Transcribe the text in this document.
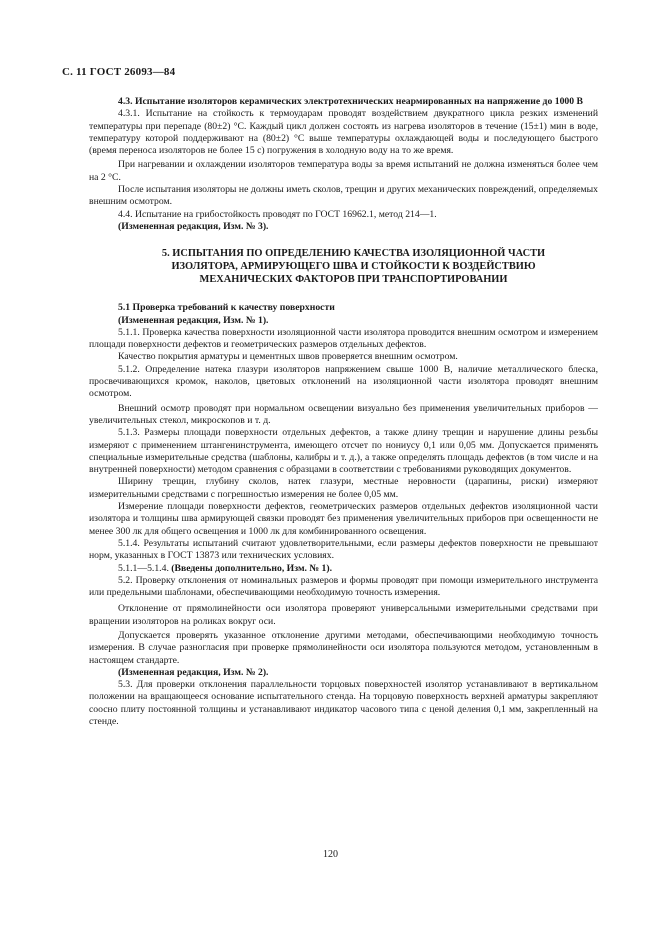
С. 11 ГОСТ 26093—84

4.3. Испытание изоляторов керамических электротехнических неармированных на напряжение до 1000 В

4.3.1. Испытание на стойкость к термоударам проводят воздействием двукратного цикла резких изменений температуры при перепаде (80±2) °С. Каждый цикл должен состоять из нагрева изоляторов в течение (15±1) мин в воде, температуру которой поддерживают на (80±2) °С выше температуры охлаждающей воды и последующего быстрого (время переноса изоляторов не более 15 с) погружения в холодную воду на то же время.

При нагревании и охлаждении изоляторов температура воды за время испытаний не должна изменяться более чем на 2 °С.

После испытания изоляторы не должны иметь сколов, трещин и других механических повреждений, определяемых внешним осмотром.

4.4. Испытание на грибостойкость проводят по ГОСТ 16962.1, метод 214—1.

(Измененная редакция, Изм. № 3).

5. ИСПЫТАНИЯ ПО ОПРЕДЕЛЕНИЮ КАЧЕСТВА ИЗОЛЯЦИОННОЙ ЧАСТИ
ИЗОЛЯТОРА, АРМИРУЮЩЕГО ШВА И СТОЙКОСТИ К ВОЗДЕЙСТВИЮ
МЕХАНИЧЕСКИХ ФАКТОРОВ ПРИ ТРАНСПОРТИРОВАНИИ

5.1 Проверка требований к качеству поверхности

(Измененная редакция, Изм. № 1).

5.1.1. Проверка качества поверхности изоляционной части изолятора проводится внешним осмотром и измерением площади поверхности дефектов и геометрических размеров отдельных дефектов.

Качество покрытия арматуры и цементных швов проверяется внешним осмотром.

5.1.2. Определение натека глазури изоляторов напряжением свыше 1000 В, наличие металлического блеска, просвечивающихся кромок, наколов, цветовых отклонений на изоляционной части изолятора проводят внешним осмотром.

Внешний осмотр проводят при нормальном освещении визуально без применения увеличительных приборов — увеличительных стекол, микроскопов и т. д.

5.1.3. Размеры площади поверхности отдельных дефектов, а также длину трещин и нарушение длины резьбы измеряют с применением штангенинструмента, имеющего отсчет по нониусу 0,1 или 0,05 мм. Допускается применять специальные измерительные средства (шаблоны, калибры и т. д.), а также определять площадь дефектов (в том числе и на внутренней поверхности) методом сравнения с образцами в соответствии с требованиями руководящих документов.

Ширину трещин, глубину сколов, натек глазури, местные неровности (царапины, риски) измеряют измерительными средствами с погрешностью измерения не более 0,05 мм.

Измерение площади поверхности дефектов, геометрических размеров отдельных дефектов изоляционной части изолятора и толщины шва армирующей связки проводят без применения увеличительных приборов при освещенности не менее 300 лк для общего освещения и 1000 лк для комбинированного освещения.

5.1.4. Результаты испытаний считают удовлетворительными, если размеры дефектов поверхности не превышают норм, указанных в ГОСТ 13873 или технических условиях.

5.1.1—5.1.4. (Введены дополнительно, Изм. № 1).

5.2. Проверку отклонения от номинальных размеров и формы проводят при помощи измерительного инструмента или предельными шаблонами, обеспечивающими необходимую точность измерения.

Отклонение от прямолинейности оси изолятора проверяют универсальными измерительными средствами при вращении изоляторов на роликах вокруг оси.

Допускается проверять указанное отклонение другими методами, обеспечивающими необходимую точность измерения. В случае разногласия при проверке прямолинейности оси изолятора пользуются методом, установленным в настоящем стандарте.

(Измененная редакция, Изм. № 2).

5.3. Для проверки отклонения параллельности торцовых поверхностей изолятор устанавливают в вертикальном положении на вращающееся основание испытательного стенда. На торцовую поверхность верхней арматуры закрепляют соосно плиту постоянной толщины и устанавливают индикатор часового типа с ценой деления 0,1 мм, закрепленный на стенде.

120
